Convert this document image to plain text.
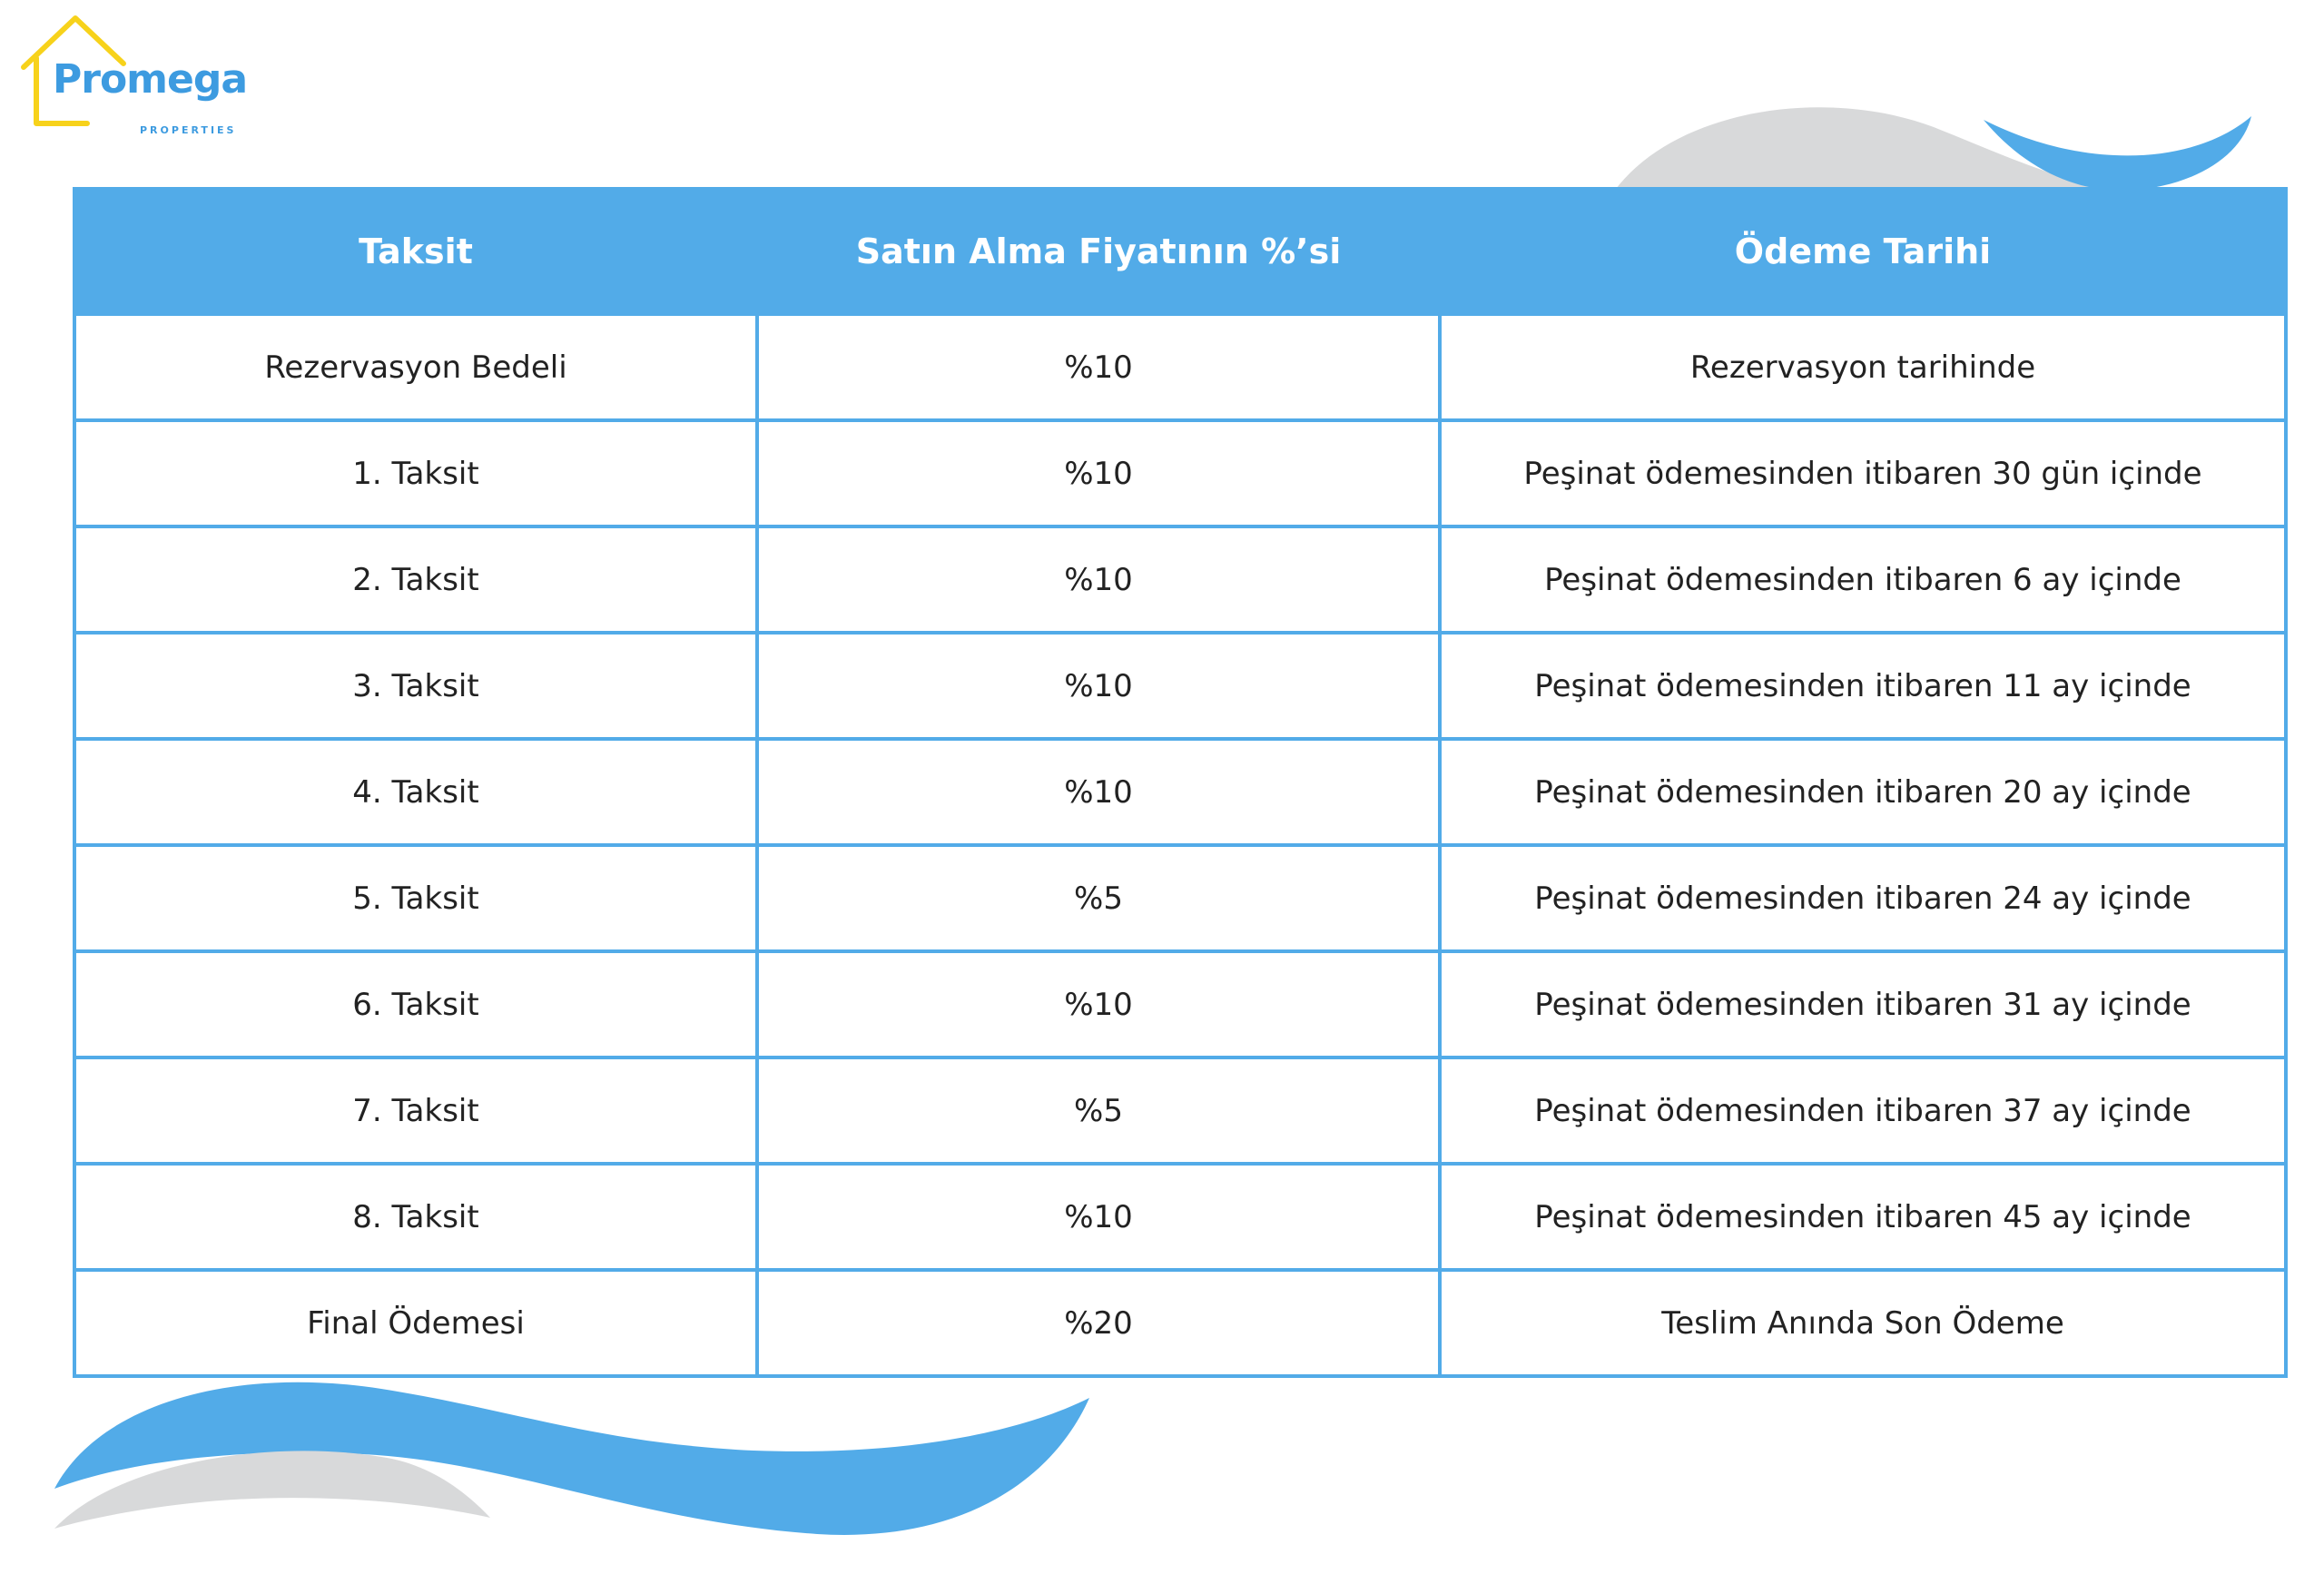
Promega
PROPERTIES
Taksit	Satın Alma Fiyatının %’si	Ödeme Tarihi
Rezervasyon Bedeli	%10	Rezervasyon tarihinde
1. Taksit	%10	Peşinat ödemesinden itibaren 30 gün içinde
2. Taksit	%10	Peşinat ödemesinden itibaren 6 ay içinde
3. Taksit	%10	Peşinat ödemesinden itibaren 11 ay içinde
4. Taksit	%10	Peşinat ödemesinden itibaren 20 ay içinde
5. Taksit	%5	Peşinat ödemesinden itibaren 24 ay içinde
6. Taksit	%10	Peşinat ödemesinden itibaren 31 ay içinde
7. Taksit	%5	Peşinat ödemesinden itibaren 37 ay içinde
8. Taksit	%10	Peşinat ödemesinden itibaren 45 ay içinde
Final Ödemesi	%20	Teslim Anında Son Ödeme
